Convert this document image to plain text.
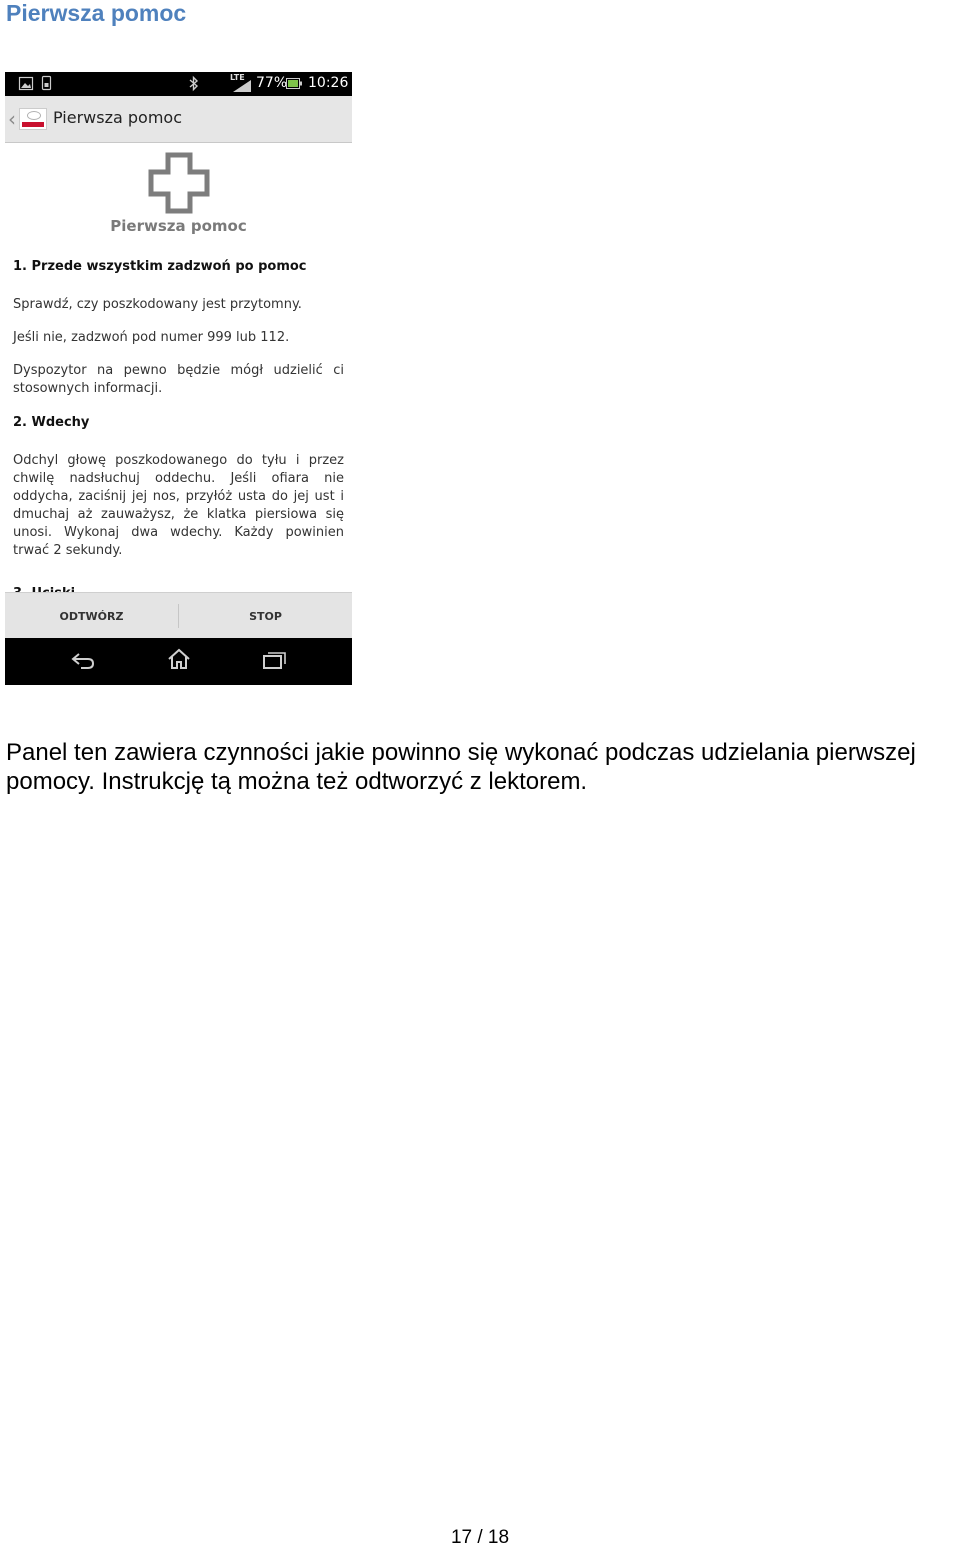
Pierwsza pomoc
LTE 77% 10:26
‹ Pierwsza pomoc
Pierwsza pomoc

1. Przede wszystkim zadzwoń po pomoc

Sprawdź, czy poszkodowany jest przytomny.

Jeśli nie, zadzwoń pod numer 999 lub 112.

Dyspozytor na pewno będzie mógł udzielić ci stosownych informacji.

2. Wdechy

Odchyl głowę poszkodowanego do tyłu i przez chwilę nadsłuchuj oddechu. Jeśli ofiara nie oddycha, zaciśnij jej nos, przyłóż usta do jej ust i dmuchaj aż zauważysz, że klatka piersiowa się unosi. Wykonaj dwa wdechy. Każdy powinien trwać 2 sekundy.

ODTWÓRZ	STOP

Panel ten zawiera czynności jakie powinno się wykonać podczas udzielania pierwszej pomocy. Instrukcję tą można też odtworzyć z lektorem.

17 / 18
